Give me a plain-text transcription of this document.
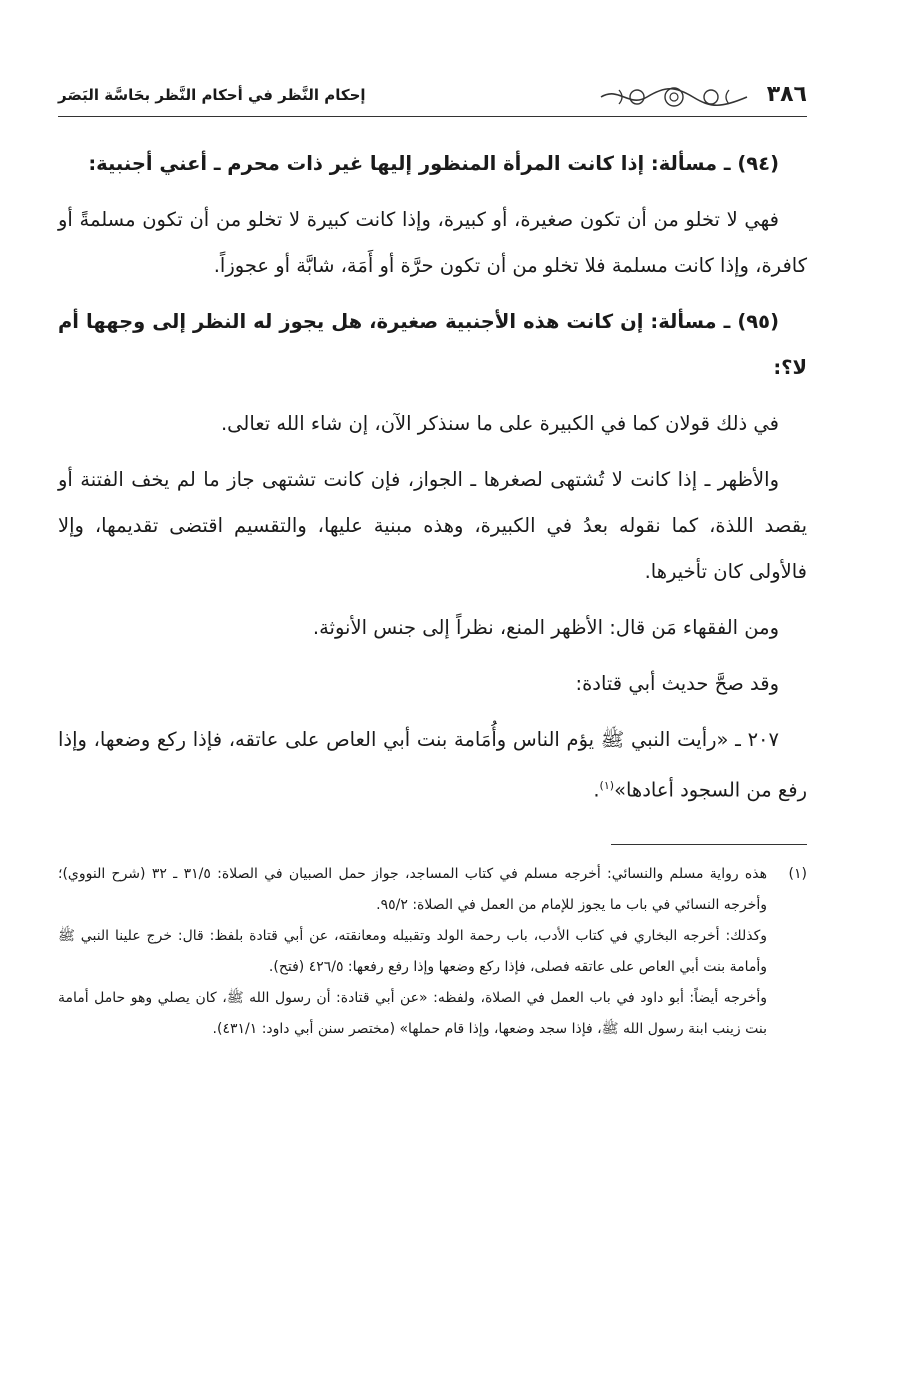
٣٨٦
إحكام النَّظر في أحكام النَّظر بحَاسَّة البَصَر

(٩٤) ـ مسألة: إذا كانت المرأة المنظور إليها غير ذات محرم ـ أعني أجنبية:

فهي لا تخلو من أن تكون صغيرة، أو كبيرة، وإذا كانت كبيرة لا تخلو من أن تكون مسلمةً أو كافرة، وإذا كانت مسلمة فلا تخلو من أن تكون حرَّة أو أَمَة، شابَّة أو عجوزاً.

(٩٥) ـ مسألة: إن كانت هذه الأجنبية صغيرة، هل يجوز له النظر إلى وجهها أم لا؟:

في ذلك قولان كما في الكبيرة على ما سنذكر الآن، إن شاء الله تعالى.

والأظهر ـ إذا كانت لا تُشتهى لصغرها ـ الجواز، فإن كانت تشتهى جاز ما لم يخف الفتنة أو يقصد اللذة، كما نقوله بعدُ في الكبيرة، وهذه مبنية عليها، والتقسيم اقتضى تقديمها، وإلا فالأولى كان تأخيرها.

ومن الفقهاء مَن قال: الأظهر المنع، نظراً إلى جنس الأنوثة.

وقد صحَّ حديث أبي قتادة:

٢٠٧ ـ «رأيت النبي ﷺ يؤم الناس وأُمَامة بنت أبي العاص على عاتقه، فإذا ركع وضعها، وإذا رفع من السجود أعادها»$^{(١)}$.

(١)

هذه رواية مسلم والنسائي: أخرجه مسلم في كتاب المساجد، جواز حمل الصبيان في الصلاة: ٣١/٥ ـ ٣٢ (شرح النووي)؛ وأخرجه النسائي في باب ما يجوز للإمام من العمل في الصلاة: ٩٥/٢.

وكذلك: أخرجه البخاري في كتاب الأدب، باب رحمة الولد وتقبيله ومعانقته، عن أبي قتادة بلفظ: قال: خرج علينا النبي ﷺ وأمامة بنت أبي العاص على عاتقه فصلى، فإذا ركع وضعها وإذا رفع رفعها: ٤٢٦/٥ (فتح).

وأخرجه أيضاً: أبو داود في باب العمل في الصلاة، ولفظه: «عن أبي قتادة: أن رسول الله ﷺ، كان يصلي وهو حامل أمامة بنت زينب ابنة رسول الله ﷺ، فإذا سجد وضعها، وإذا قام حملها» (مختصر سنن أبي داود: ٤٣١/١).
